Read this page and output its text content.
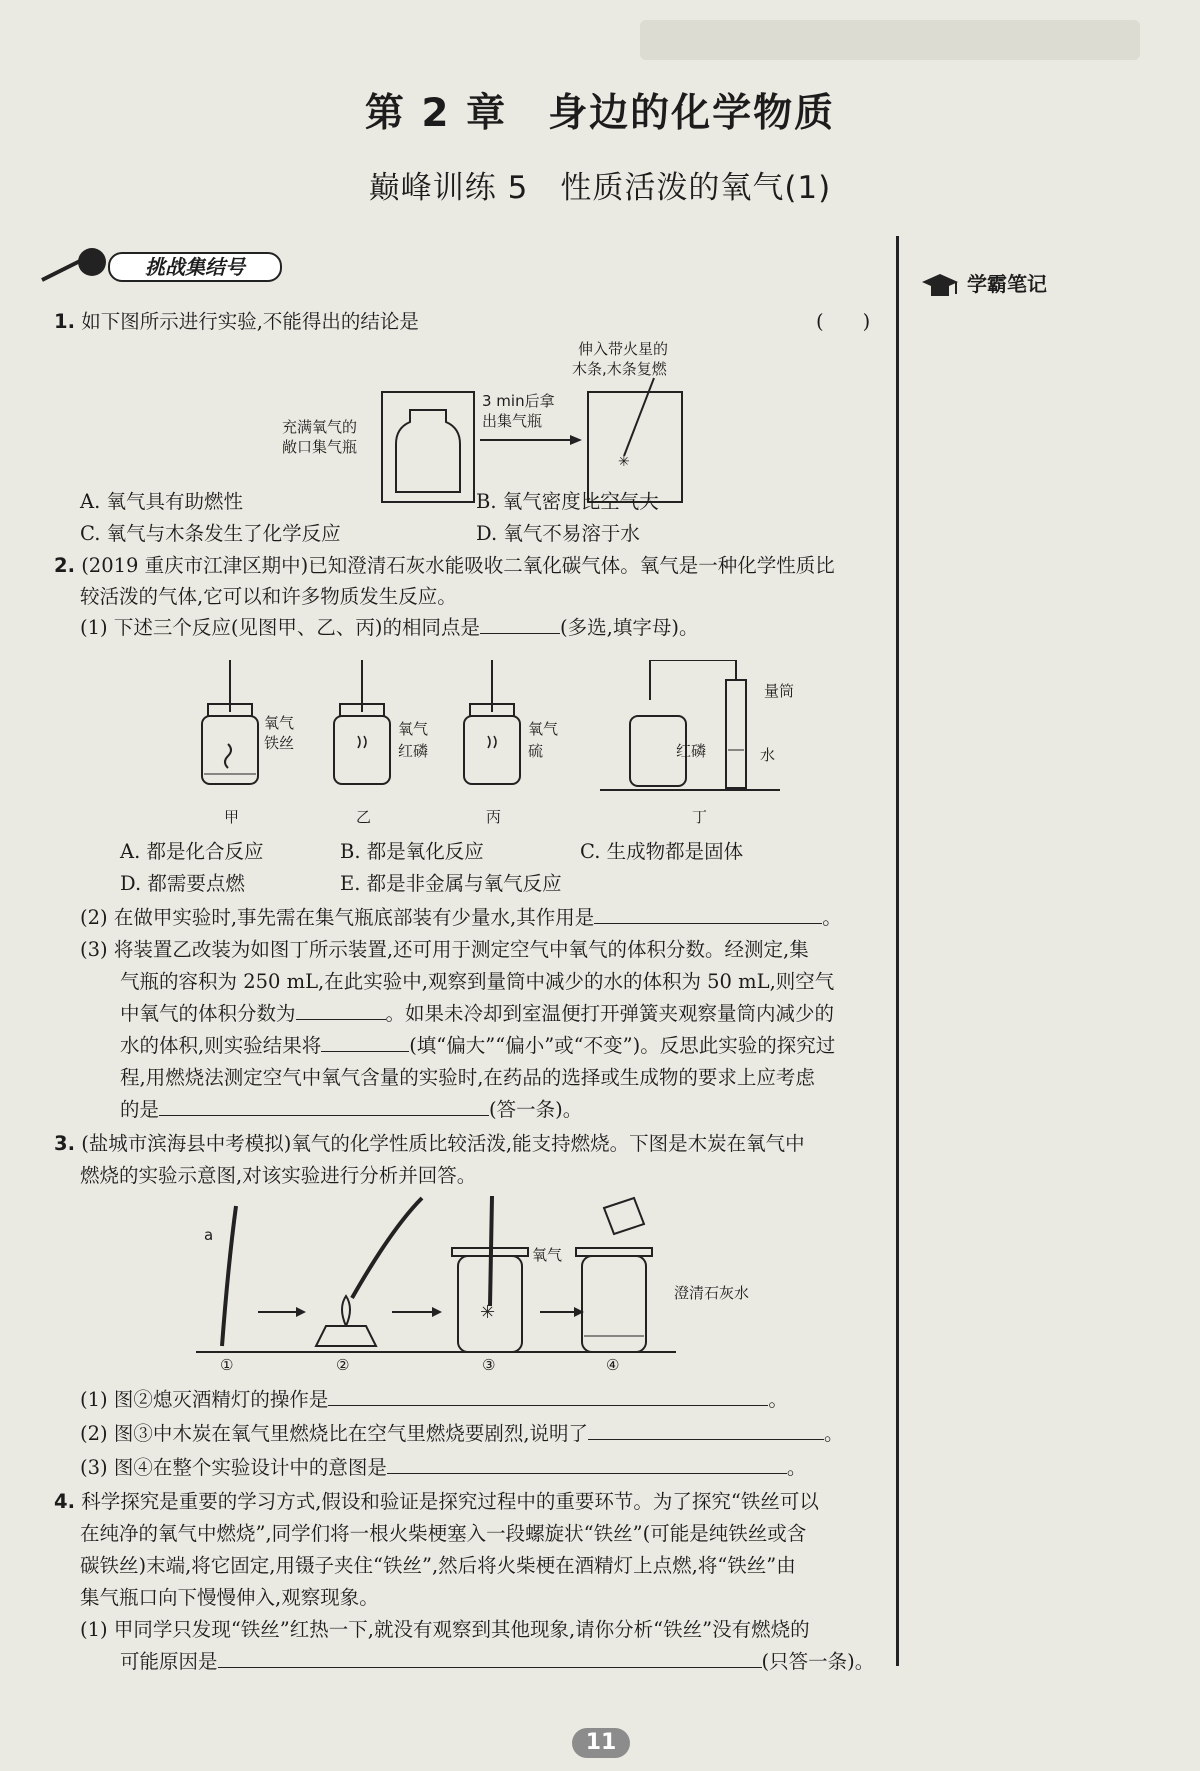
第 2 章　身边的化学物质
巅峰训练 5　性质活泼的氧气(1)
挑战集结号
学霸笔记
1. 如下图所示进行实验,不能得出的结论是	(　　)
充满氧气的
敞口集气瓶
3 min后拿
出集气瓶
伸入带火星的
木条,木条复燃
✳
A. 氧气具有助燃性	B. 氧气密度比空气大
C. 氧气与木条发生了化学反应	D. 氧气不易溶于水
2. (2019 重庆市江津区期中)已知澄清石灰水能吸收二氧化碳气体。氧气是一种化学性质比
较活泼的气体,它可以和许多物质发生反应。
(1) 下述三个反应(见图甲、乙、丙)的相同点是	(多选,填字母)。
氧气
铁丝
甲
氧气
红磷
乙
氧气
硫
丙
量筒
红磷	水
丁
A. 都是化合反应	B. 都是氧化反应	C. 生成物都是固体
D. 都需要点燃	E. 都是非金属与氧气反应
(2) 在做甲实验时,事先需在集气瓶底部装有少量水,其作用是	。
(3) 将装置乙改装为如图丁所示装置,还可用于测定空气中氧气的体积分数。经测定,集
气瓶的容积为 250 mL,在此实验中,观察到量筒中减少的水的体积为 50 mL,则空气
中氧气的体积分数为	。如果未冷却到室温便打开弹簧夹观察量筒内减少的
水的体积,则实验结果将	(填“偏大”“偏小”或“不变”)。反思此实验的探究过
程,用燃烧法测定空气中氧气含量的实验时,在药品的选择或生成物的要求上应考虑
的是	(答一条)。
3. (盐城市滨海县中考模拟)氧气的化学性质比较活泼,能支持燃烧。下图是木炭在氧气中
燃烧的实验示意图,对该实验进行分析并回答。
a
①	②
✳
氧气
③
澄清石灰水
④
(1) 图②熄灭酒精灯的操作是	。
(2) 图③中木炭在氧气里燃烧比在空气里燃烧要剧烈,说明了	。
(3) 图④在整个实验设计中的意图是	。
4. 科学探究是重要的学习方式,假设和验证是探究过程中的重要环节。为了探究“铁丝可以
在纯净的氧气中燃烧”,同学们将一根火柴梗塞入一段螺旋状“铁丝”(可能是纯铁丝或含
碳铁丝)末端,将它固定,用镊子夹住“铁丝”,然后将火柴梗在酒精灯上点燃,将“铁丝”由
集气瓶口向下慢慢伸入,观察现象。
(1) 甲同学只发现“铁丝”红热一下,就没有观察到其他现象,请你分析“铁丝”没有燃烧的
可能原因是	(只答一条)。
11
